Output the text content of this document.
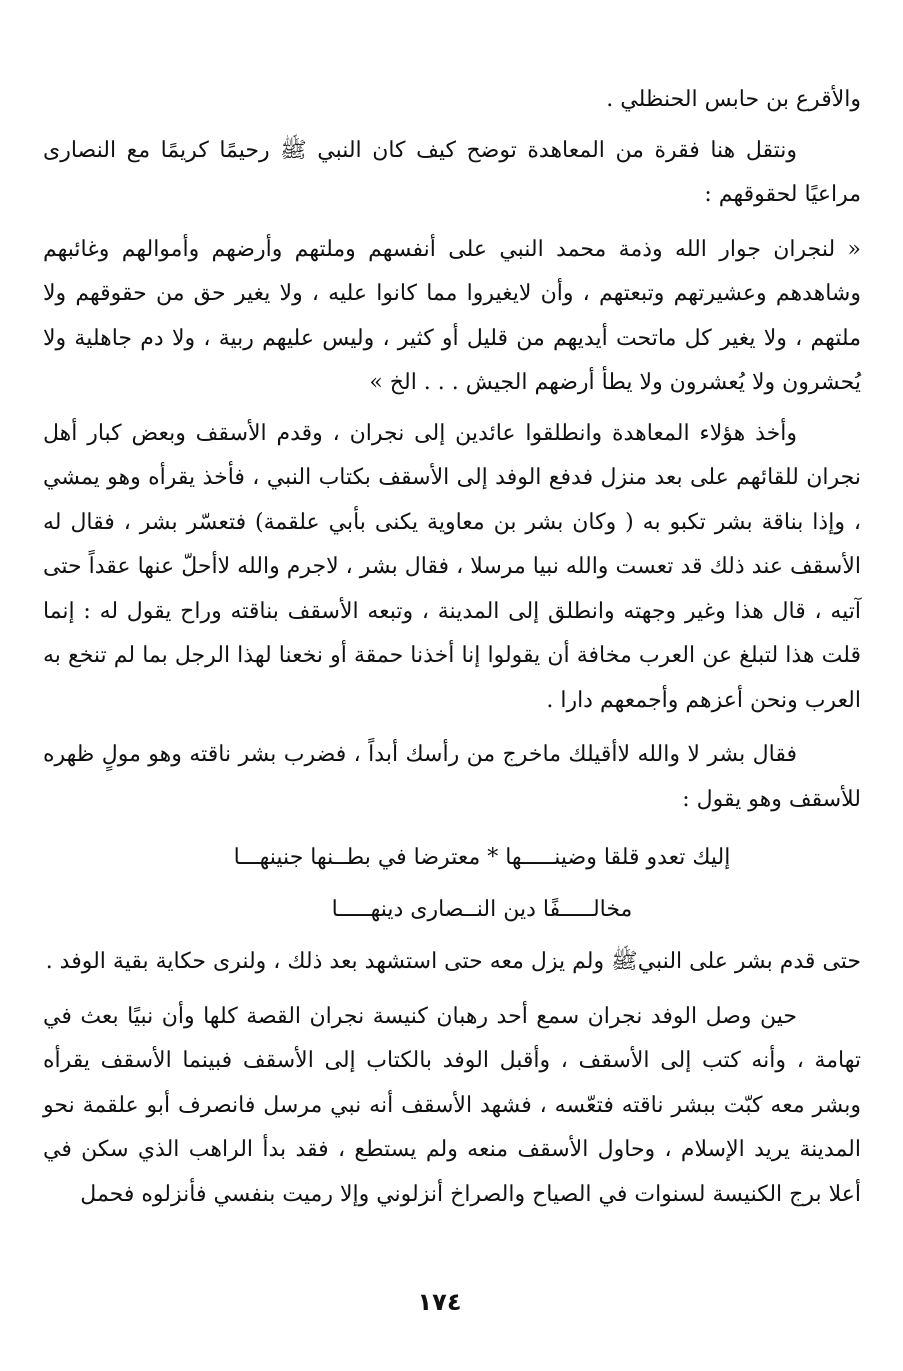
والأقرع بن حابس الحنظلي .

ونتقل هنا فقرة من المعاهدة توضح كيف كان النبي ﷺ رحيمًا كريمًا مع النصارى مراعيًا لحقوقهم :

« لنجران جوار الله وذمة محمد النبي على أنفسهم وملتهم وأرضهم وأموالهم وغائبهم وشاهدهم وعشيرتهم وتبعتهم ، وأن لايغيروا مما كانوا عليه ، ولا يغير حق من حقوقهم ولا ملتهم ، ولا يغير كل ماتحت أيديهم من قليل أو كثير ، وليس عليهم ربية ، ولا دم جاهلية ولا يُحشرون ولا يُعشرون ولا يطأ أرضهم الجيش . . . الخ »

وأخذ هؤلاء المعاهدة وانطلقوا عائدين إلى نجران ، وقدم الأسقف وبعض كبار أهل نجران للقائهم على بعد منزل فدفع الوفد إلى الأسقف بكتاب النبي ، فأخذ يقرأه وهو يمشي ، وإذا بناقة بشر تكبو به ( وكان بشر بن معاوية يكنى بأبي علقمة) فتعسّر بشر ، فقال له الأسقف عند ذلك قد تعست والله نبيا مرسلا ، فقال بشر ، لاجرم والله لاأحلّ عنها عقداً حتى آتيه ، قال هذا وغير وجهته وانطلق إلى المدينة ، وتبعه الأسقف بناقته وراح يقول له : إنما قلت هذا لتبلغ عن العرب مخافة أن يقولوا إنا أخذنا حمقة أو نخعنا لهذا الرجل بما لم تنخع به العرب ونحن أعزهم وأجمعهم دارا .

فقال بشر لا والله لاأقيلك ماخرج من رأسك أبداً ، فضرب بشر ناقته وهو مولٍ ظهره للأسقف وهو يقول :

إليك تعدو قلقا وضينـــــها * معترضا في بطــنها جنينهـــا
مخالـــــفًا دين النــصارى دينهـــــا

حتى قدم بشر على النبيﷺ ولم يزل معه حتى استشهد بعد ذلك ، ولنرى حكاية بقية الوفد .

حين وصل الوفد نجران سمع أحد رهبان كنيسة نجران القصة كلها وأن نبيًا بعث في تهامة ، وأنه كتب إلى الأسقف ، وأقبل الوفد بالكتاب إلى الأسقف فبينما الأسقف يقرأه وبشر معه كبّت ببشر ناقته فتعّسه ، فشهد الأسقف أنه نبي مرسل فانصرف أبو علقمة نحو المدينة يريد الإسلام ، وحاول الأسقف منعه ولم يستطع ، فقد بدأ الراهب الذي سكن في أعلا برج الكنيسة لسنوات في الصياح والصراخ أنزلوني وإلا رميت بنفسي فأنزلوه فحمل

١٧٤
